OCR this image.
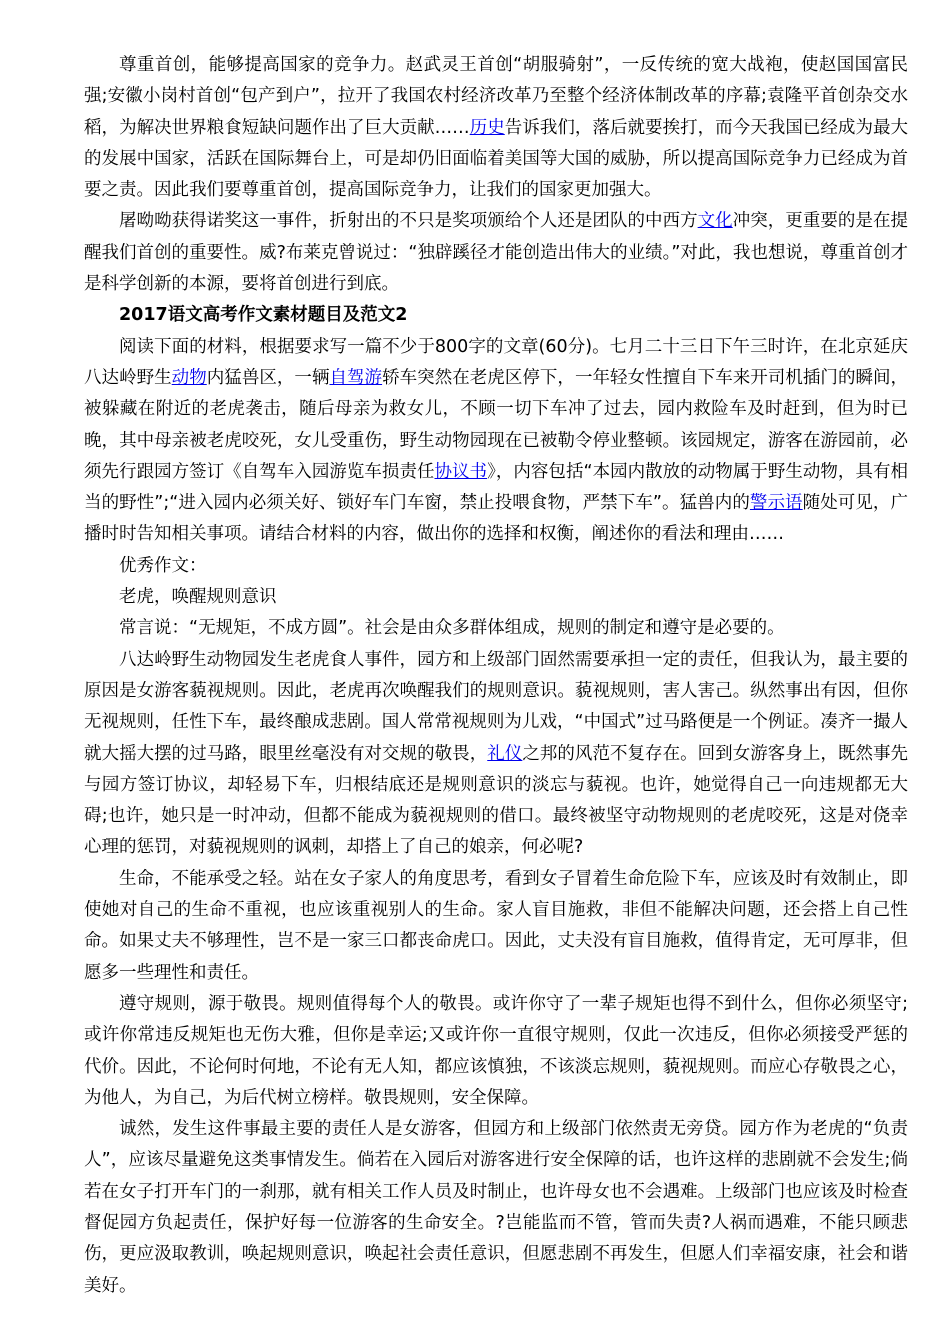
尊重首创，能够提高国家的竞争力。赵武灵王首创“胡服骑射”，一反传统的宽大战袍，使赵国国富民强;安徽小岗村首创“包产到户”，拉开了我国农村经济改革乃至整个经济体制改革的序幕;袁隆平首创杂交水稻，为解决世界粮食短缺问题作出了巨大贡献……历史告诉我们，落后就要挨打，而今天我国已经成为最大的发展中国家，活跃在国际舞台上，可是却仍旧面临着美国等大国的威胁，所以提高国际竞争力已经成为首要之责。因此我们要尊重首创，提高国际竞争力，让我们的国家更加强大。

屠呦呦获得诺奖这一事件，折射出的不只是奖项颁给个人还是团队的中西方文化冲突，更重要的是在提醒我们首创的重要性。威?布莱克曾说过：“独辟蹊径才能创造出伟大的业绩。”对此，我也想说，尊重首创才是科学创新的本源，要将首创进行到底。

2017语文高考作文素材题目及范文2

阅读下面的材料，根据要求写一篇不少于800字的文章(60分)。七月二十三日下午三时许，在北京延庆八达岭野生动物内猛兽区，一辆自驾游轿车突然在老虎区停下，一年轻女性擅自下车来开司机插门的瞬间，被躲藏在附近的老虎袭击，随后母亲为救女儿，不顾一切下车冲了过去，园内救险车及时赶到，但为时已晚，其中母亲被老虎咬死，女儿受重伤，野生动物园现在已被勒令停业整顿。该园规定，游客在游园前，必须先行跟园方签订《自驾车入园游览车损责任协议书》，内容包括“本园内散放的动物属于野生动物，具有相当的野性”;“进入园内必须关好、锁好车门车窗，禁止投喂食物，严禁下车”。猛兽内的警示语随处可见，广播时时告知相关事项。请结合材料的内容，做出你的选择和权衡，阐述你的看法和理由……

优秀作文：

老虎，唤醒规则意识

常言说：“无规矩，不成方圆”。社会是由众多群体组成，规则的制定和遵守是必要的。

八达岭野生动物园发生老虎食人事件，园方和上级部门固然需要承担一定的责任，但我认为，最主要的原因是女游客藐视规则。因此，老虎再次唤醒我们的规则意识。藐视规则，害人害己。纵然事出有因，但你无视规则，任性下车，最终酿成悲剧。国人常常视规则为儿戏，“中国式”过马路便是一个例证。凑齐一撮人就大摇大摆的过马路，眼里丝毫没有对交规的敬畏，礼仪之邦的风范不复存在。回到女游客身上，既然事先与园方签订协议，却轻易下车，归根结底还是规则意识的淡忘与藐视。也许，她觉得自己一向违规都无大碍;也许，她只是一时冲动，但都不能成为藐视规则的借口。最终被坚守动物规则的老虎咬死，这是对侥幸心理的惩罚，对藐视规则的讽刺，却搭上了自己的娘亲，何必呢?

生命，不能承受之轻。站在女子家人的角度思考，看到女子冒着生命危险下车，应该及时有效制止，即使她对自己的生命不重视，也应该重视别人的生命。家人盲目施救，非但不能解决问题，还会搭上自己性命。如果丈夫不够理性，岂不是一家三口都丧命虎口。因此，丈夫没有盲目施救，值得肯定，无可厚非，但愿多一些理性和责任。

遵守规则，源于敬畏。规则值得每个人的敬畏。或许你守了一辈子规矩也得不到什么，但你必须坚守;或许你常违反规矩也无伤大雅，但你是幸运;又或许你一直很守规则，仅此一次违反，但你必须接受严惩的代价。因此，不论何时何地，不论有无人知，都应该慎独，不该淡忘规则，藐视规则。而应心存敬畏之心，为他人，为自己，为后代树立榜样。敬畏规则，安全保障。

诚然，发生这件事最主要的责任人是女游客，但园方和上级部门依然责无旁贷。园方作为老虎的“负责人”，应该尽量避免这类事情发生。倘若在入园后对游客进行安全保障的话，也许这样的悲剧就不会发生;倘若在女子打开车门的一刹那，就有相关工作人员及时制止，也许母女也不会遇难。上级部门也应该及时检查督促园方负起责任，保护好每一位游客的生命安全。?岂能监而不管，管而失责?人祸而遇难，不能只顾悲伤，更应汲取教训，唤起规则意识，唤起社会责任意识，但愿悲剧不再发生，但愿人们幸福安康，社会和谐美好。
